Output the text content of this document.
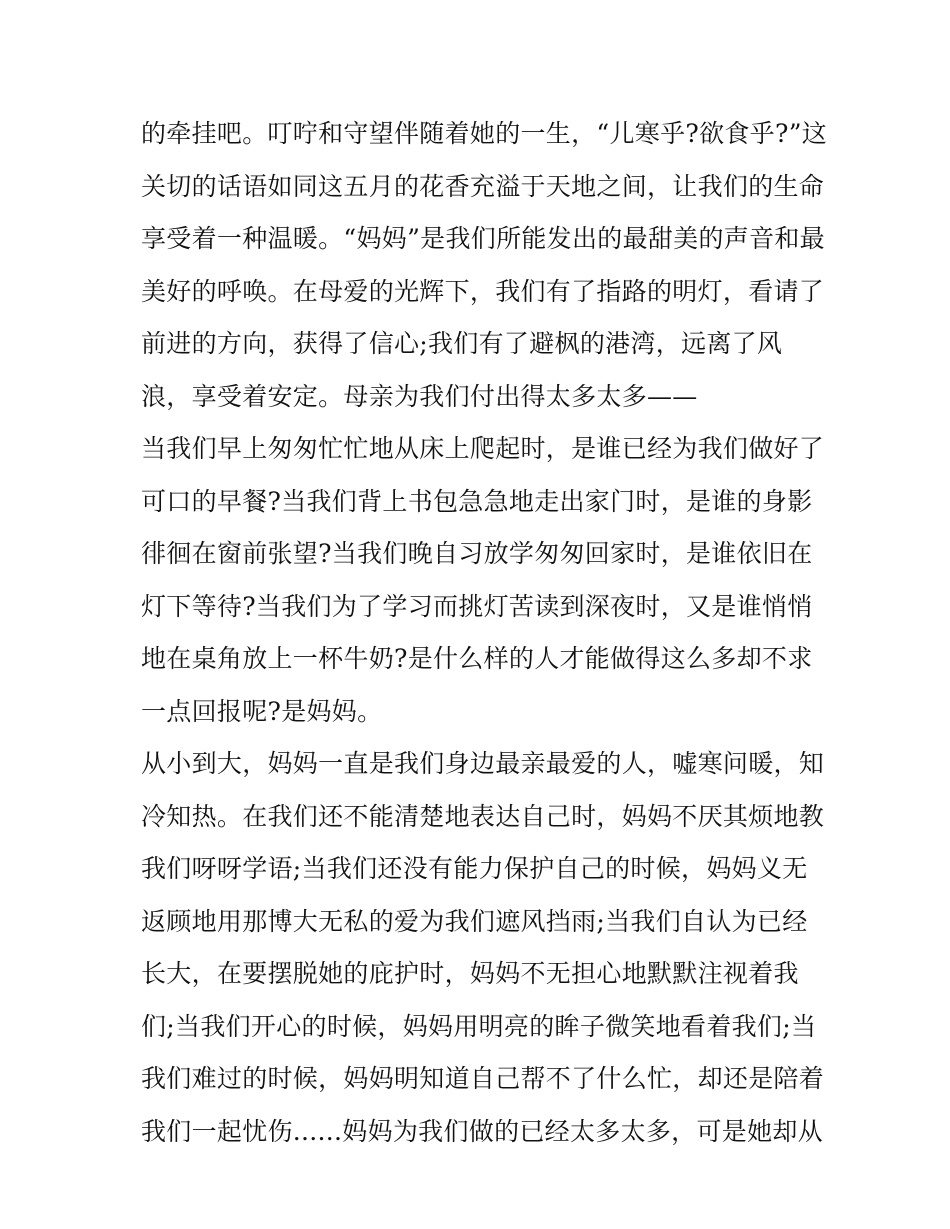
的牵挂吧。叮咛和守望伴随着她的一生，“儿寒乎?欲食乎?”这
关切的话语如同这五月的花香充溢于天地之间，让我们的生命
享受着一种温暖。“妈妈”是我们所能发出的最甜美的声音和最
美好的呼唤。在母爱的光辉下，我们有了指路的明灯，看请了
前进的方向，获得了信心;我们有了避枫的港湾，远离了风
浪，享受着安定。母亲为我们付出得太多太多——
当我们早上匆匆忙忙地从床上爬起时，是谁已经为我们做好了
可口的早餐?当我们背上书包急急地走出家门时，是谁的身影
徘徊在窗前张望?当我们晚自习放学匆匆回家时，是谁依旧在
灯下等待?当我们为了学习而挑灯苦读到深夜时，又是谁悄悄
地在桌角放上一杯牛奶?是什么样的人才能做得这么多却不求
一点回报呢?是妈妈。
从小到大，妈妈一直是我们身边最亲最爱的人，嘘寒问暖，知
冷知热。在我们还不能清楚地表达自己时，妈妈不厌其烦地教
我们呀呀学语;当我们还没有能力保护自己的时候，妈妈义无
返顾地用那博大无私的爱为我们遮风挡雨;当我们自认为已经
长大，在要摆脱她的庇护时，妈妈不无担心地默默注视着我
们;当我们开心的时候，妈妈用明亮的眸子微笑地看着我们;当
我们难过的时候，妈妈明知道自己帮不了什么忙，却还是陪着
我们一起忧伤......妈妈为我们做的已经太多太多，可是她却从
